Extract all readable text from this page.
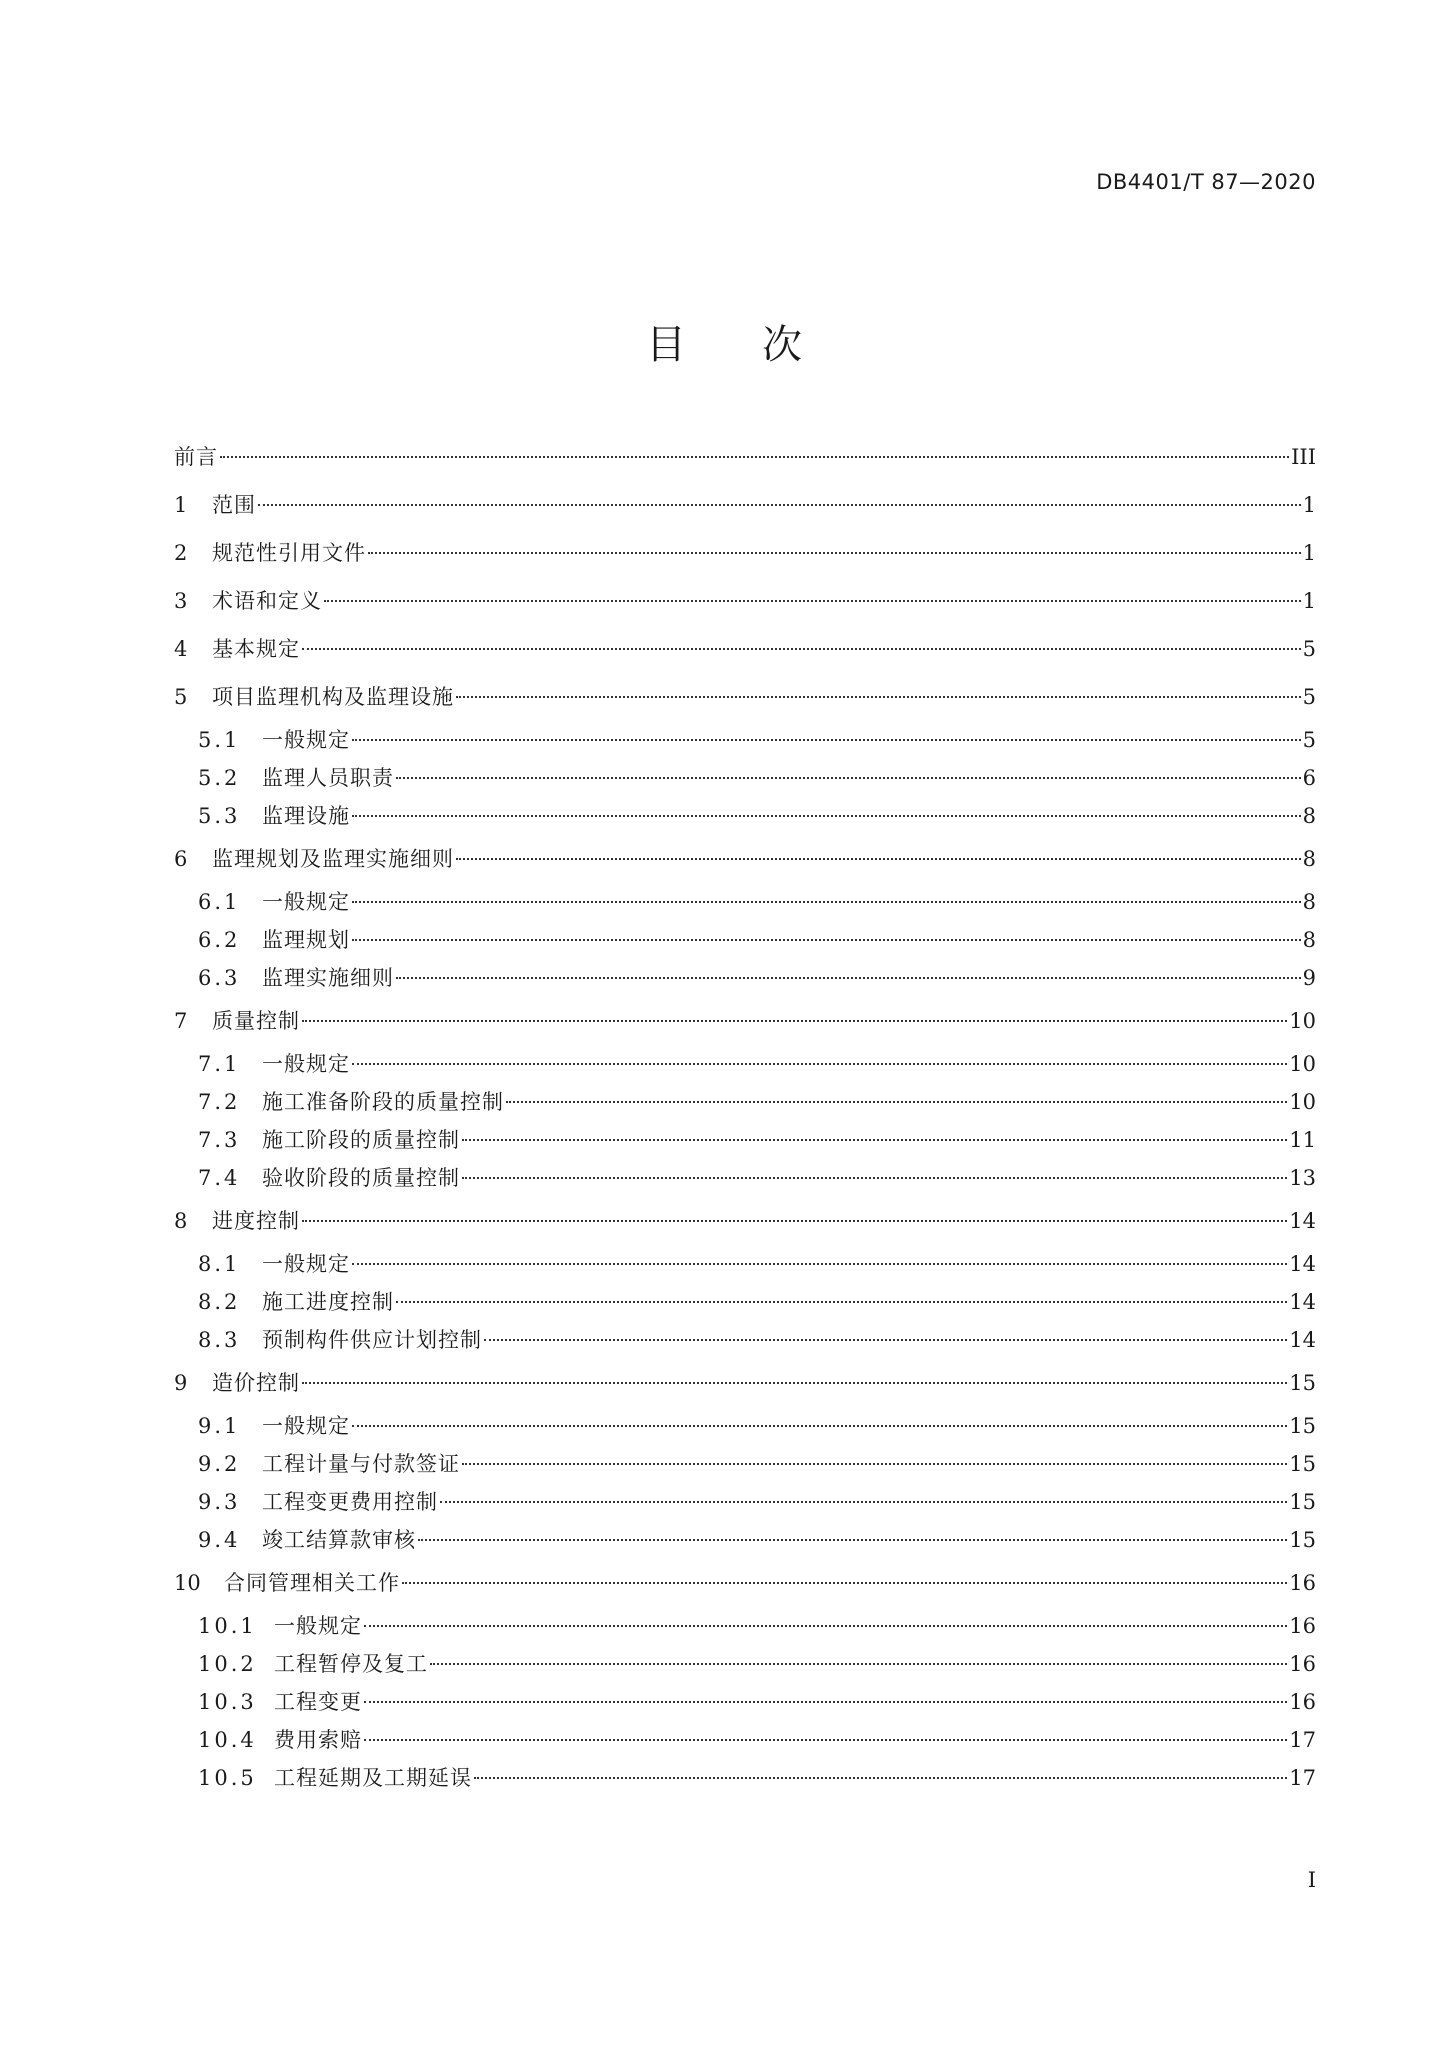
DB4401/T 87—2020
目次
前言	III
1	范围	1
2	规范性引用文件	1
3	术语和定义	1
4	基本规定	5
5	项目监理机构及监理设施	5
5.1	一般规定	5
5.2	监理人员职责	6
5.3	监理设施	8
6	监理规划及监理实施细则	8
6.1	一般规定	8
6.2	监理规划	8
6.3	监理实施细则	9
7	质量控制	10
7.1	一般规定	10
7.2	施工准备阶段的质量控制	10
7.3	施工阶段的质量控制	11
7.4	验收阶段的质量控制	13
8	进度控制	14
8.1	一般规定	14
8.2	施工进度控制	14
8.3	预制构件供应计划控制	14
9	造价控制	15
9.1	一般规定	15
9.2	工程计量与付款签证	15
9.3	工程变更费用控制	15
9.4	竣工结算款审核	15
10	合同管理相关工作	16
10.1 一般规定	16
10.2 工程暂停及复工	16
10.3 工程变更	16
10.4 费用索赔	17
10.5 工程延期及工期延误	17
I
